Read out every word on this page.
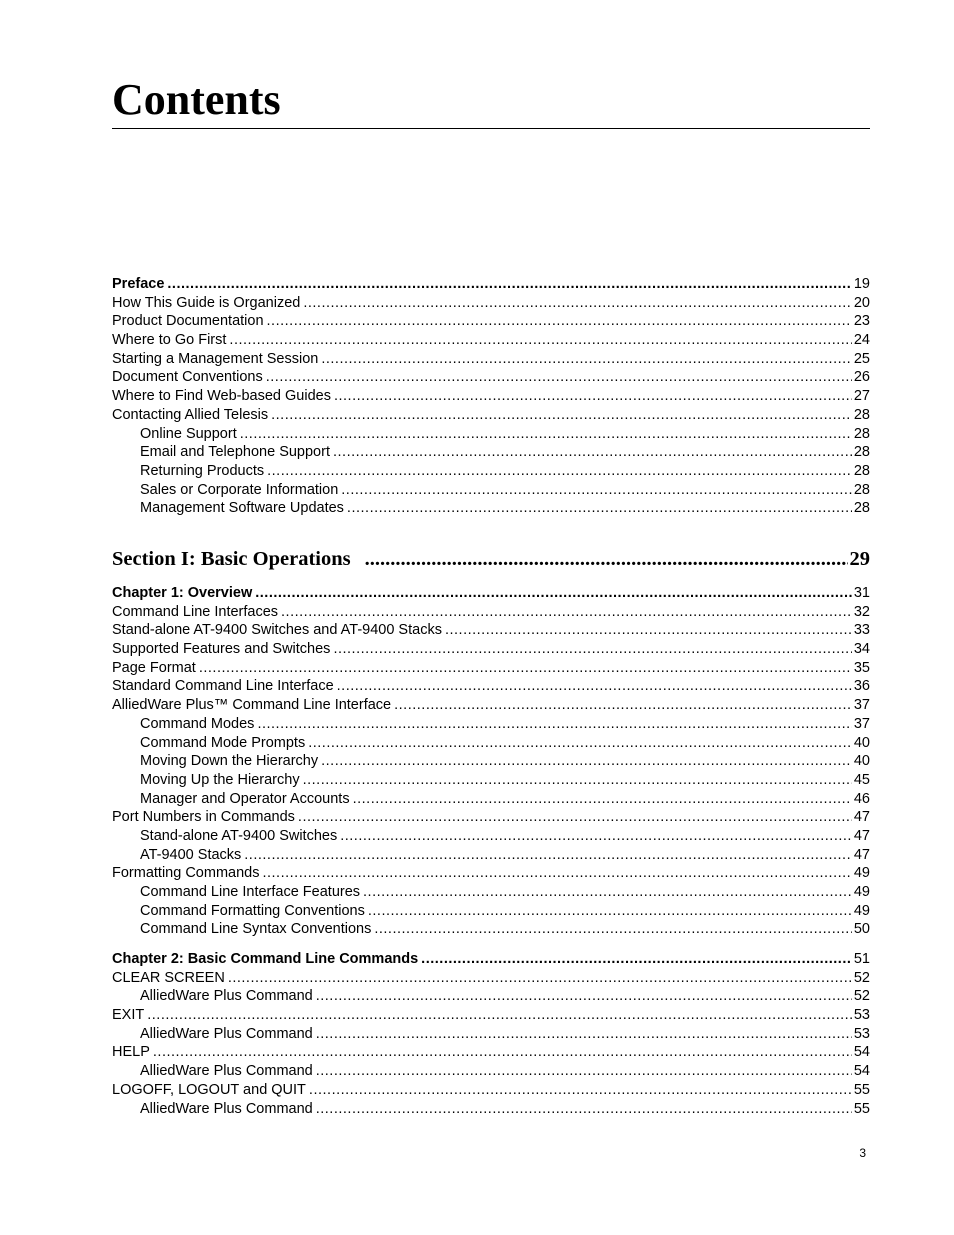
Contents
Preface .....	19
How This Guide is Organized .....	20
Product Documentation .....	23
Where to Go First .....	24
Starting a Management Session .....	25
Document Conventions .....	26
Where to Find Web-based Guides .....	27
Contacting Allied Telesis .....	28
Online Support .....	28
Email and Telephone Support .....	28
Returning Products .....	28
Sales or Corporate Information .....	28
Management Software Updates .....	28
Section I: Basic Operations .....	29
Chapter 1: Overview .....	31
Command Line Interfaces .....	32
Stand-alone AT-9400 Switches and AT-9400 Stacks .....	33
Supported Features and Switches .....	34
Page Format .....	35
Standard Command Line Interface .....	36
AlliedWare Plus™ Command Line Interface .....	37
Command Modes .....	37
Command Mode Prompts .....	40
Moving Down the Hierarchy .....	40
Moving Up the Hierarchy .....	45
Manager and Operator Accounts .....	46
Port Numbers in Commands .....	47
Stand-alone AT-9400 Switches .....	47
AT-9400 Stacks .....	47
Formatting Commands .....	49
Command Line Interface Features .....	49
Command Formatting Conventions .....	49
Command Line Syntax Conventions .....	50
Chapter 2: Basic Command Line Commands .....	51
CLEAR SCREEN .....	52
AlliedWare Plus Command .....	52
EXIT .....	53
AlliedWare Plus Command .....	53
HELP .....	54
AlliedWare Plus Command .....	54
LOGOFF, LOGOUT and QUIT .....	55
AlliedWare Plus Command .....	55
3
